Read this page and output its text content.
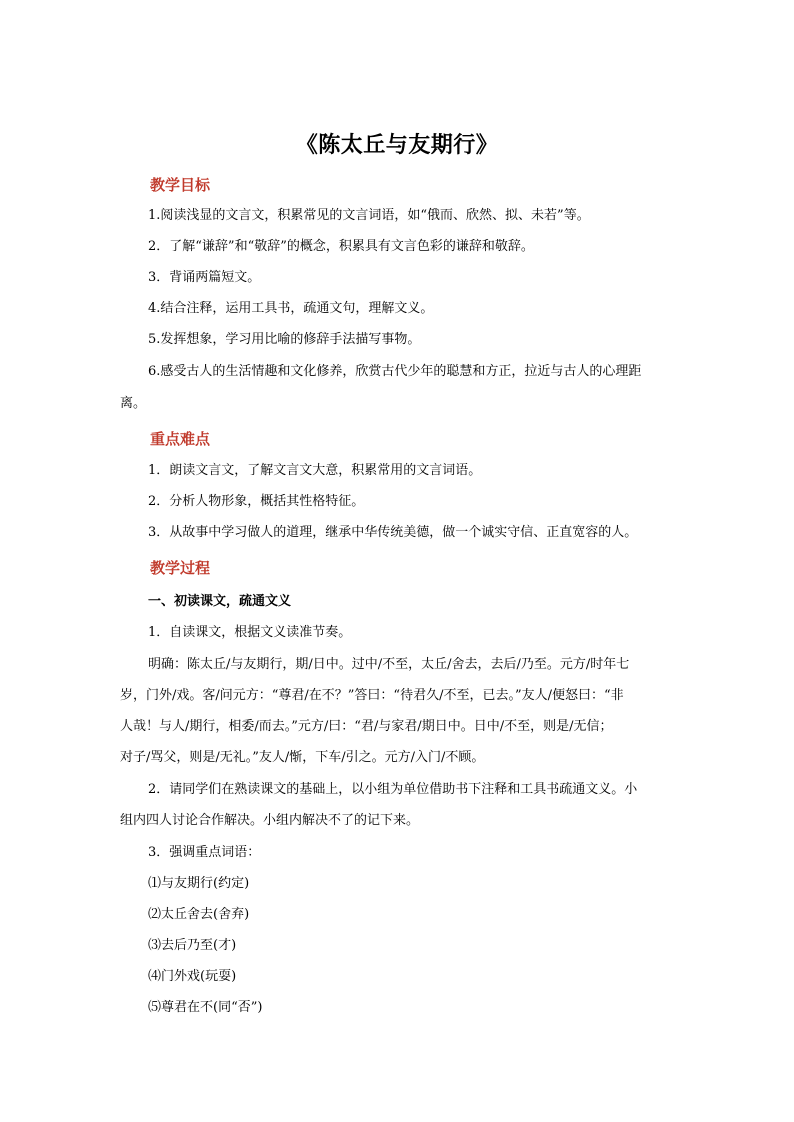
《陈太丘与友期行》
教学目标
1.阅读浅显的文言文，积累常见的文言词语，如“俄而、欣然、拟、未若”等。
2．了解“谦辞”和“敬辞”的概念，积累具有文言色彩的谦辞和敬辞。
3．背诵两篇短文。
4.结合注释，运用工具书，疏通文句，理解文义。
5.发挥想象，学习用比喻的修辞手法描写事物。
6.感受古人的生活情趣和文化修养，欣赏古代少年的聪慧和方正，拉近与古人的心理距
离。
重点难点
1．朗读文言文，了解文言文大意，积累常用的文言词语。
2．分析人物形象，概括其性格特征。
3．从故事中学习做人的道理，继承中华传统美德，做一个诚实守信、正直宽容的人。
教学过程
一、初读课文，疏通文义
1．自读课文，根据文义读准节奏。
明确：陈太丘/与友期行，期/日中。过中/不至，太丘/舍去，去后/乃至。元方/时年七
岁，门外/戏。客/问元方：“尊君/在不？”答曰：“待君久/不至，已去。”友人/便怒曰：“非
人哉！与人/期行，相委/而去。”元方/曰：“君/与家君/期日中。日中/不至，则是/无信；
对子/骂父，则是/无礼。”友人/惭，下车/引之。元方/入门/不顾。
2．请同学们在熟读课文的基础上，以小组为单位借助书下注释和工具书疏通文义。小
组内四人讨论合作解决。小组内解决不了的记下来。
3．强调重点词语：
⑴与友期行(约定)
⑵太丘舍去(舍弃)
⑶去后乃至(才)
⑷门外戏(玩耍)
⑸尊君在不(同“否”)
